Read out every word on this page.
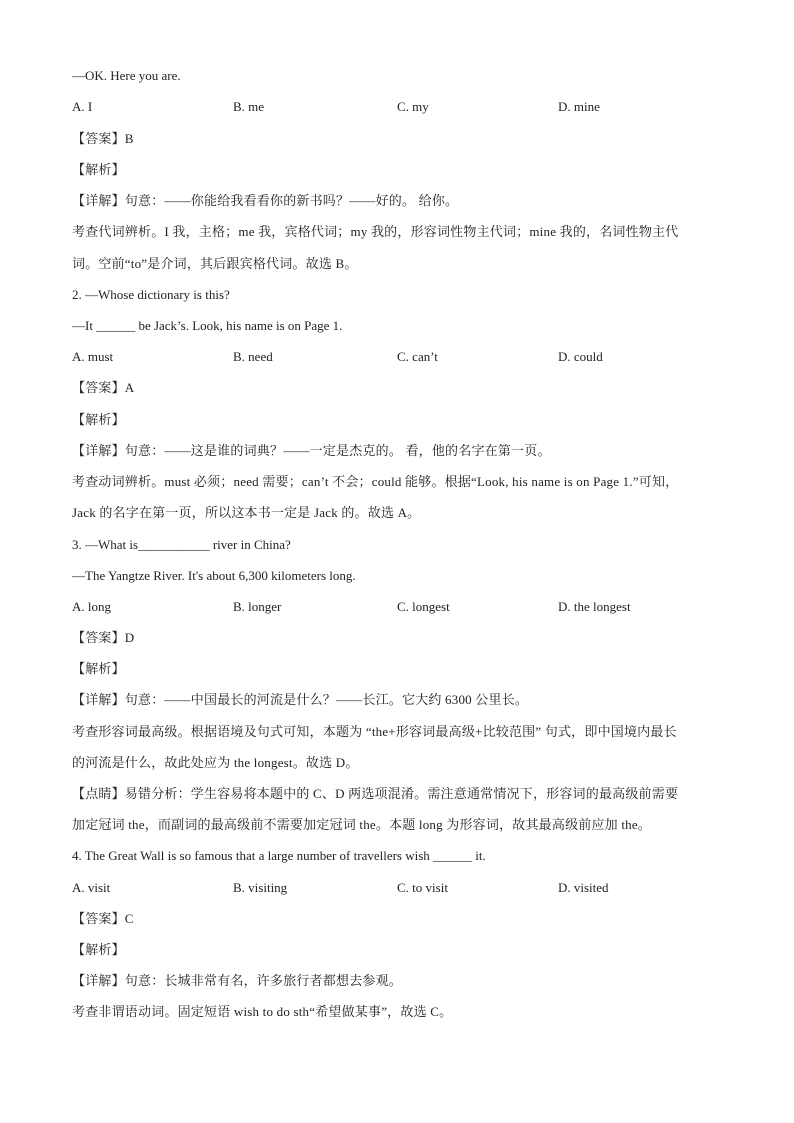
—OK. Here you are.
A. I	B. me	C. my	D. mine
【答案】B
【解析】
【详解】句意：——你能给我看看你的新书吗？——好的。 给你。
考查代词辨析。I 我，主格；me 我，宾格代词；my 我的，形容词性物主代词；mine 我的，名词性物主代
词。空前“to”是介词，其后跟宾格代词。故选 B。
2. —Whose dictionary is this?
—It ______ be Jack’s. Look, his name is on Page 1.
A. must	B. need	C. can’t	D. could
【答案】A
【解析】
【详解】句意：——这是谁的词典？——一定是杰克的。 看，他的名字在第一页。
考查动词辨析。must 必须；need 需要；can’t 不会；could 能够。根据“Look, his name is on Page 1.”可知，
Jack 的名字在第一页，所以这本书一定是 Jack 的。故选 A。
3. —What is___________ river in China?
—The Yangtze River. It's about 6,300 kilometers long.
A. long	B. longer	C. longest	D. the longest
【答案】D
【解析】
【详解】句意：——中国最长的河流是什么？——长江。它大约 6300 公里长。
考查形容词最高级。根据语境及句式可知，本题为 “the+形容词最高级+比较范围” 句式，即中国境内最长
的河流是什么，故此处应为 the longest。故选 D。
【点睛】易错分析：学生容易将本题中的 C、D 两选项混淆。需注意通常情况下，形容词的最高级前需要
加定冠词 the，而副词的最高级前不需要加定冠词 the。本题 long 为形容词，故其最高级前应加 the。
4. The Great Wall is so famous that a large number of travellers wish ______ it.
A. visit	B. visiting	C. to visit	D. visited
【答案】C
【解析】
【详解】句意：长城非常有名，许多旅行者都想去参观。
考查非谓语动词。固定短语 wish to do sth“希望做某事”，故选 C。
